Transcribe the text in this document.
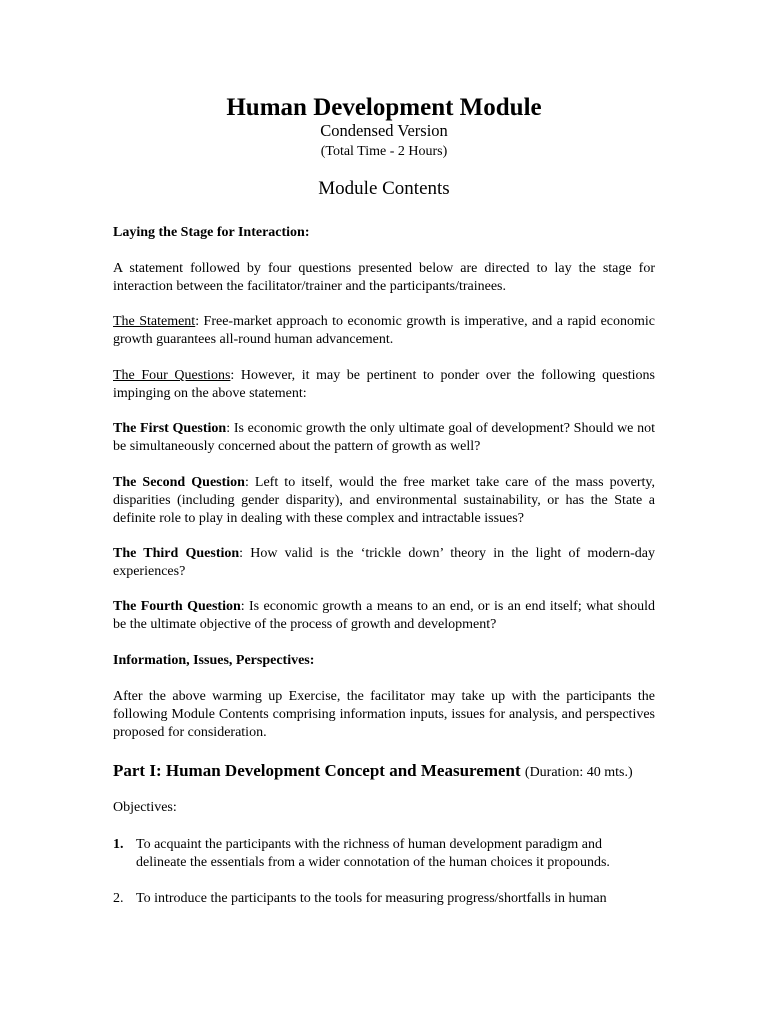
Human Development Module
Condensed Version
(Total Time - 2 Hours)
Module Contents
Laying the Stage for Interaction:

A statement followed by four questions presented below are directed to lay the stage for interaction between the facilitator/trainer and the participants/trainees.

The Statement: Free-market approach to economic growth is imperative, and a rapid economic growth guarantees all-round human advancement.

The Four Questions: However, it may be pertinent to ponder over the following questions impinging on the above statement:

The First Question: Is economic growth the only ultimate goal of development? Should we not be simultaneously concerned about the pattern of growth as well?

The Second Question: Left to itself, would the free market take care of the mass poverty, disparities (including gender disparity), and environmental sustainability, or has the State a definite role to play in dealing with these complex and intractable issues?

The Third Question: How valid is the ‘trickle down’ theory in the light of modern-day experiences?

The Fourth Question: Is economic growth a means to an end, or is an end itself; what should be the ultimate objective of the process of growth and development?

Information, Issues, Perspectives:

After the above warming up Exercise, the facilitator may take up with the participants the following Module Contents comprising information inputs, issues for analysis, and perspectives proposed for consideration.

Part I: Human Development Concept and Measurement (Duration: 40 mts.)
Objectives:
1. To acquaint the participants with the richness of human development paradigm and delineate the essentials from a wider connotation of the human choices it propounds.

2. To introduce the participants to the tools for measuring progress/shortfalls in human
